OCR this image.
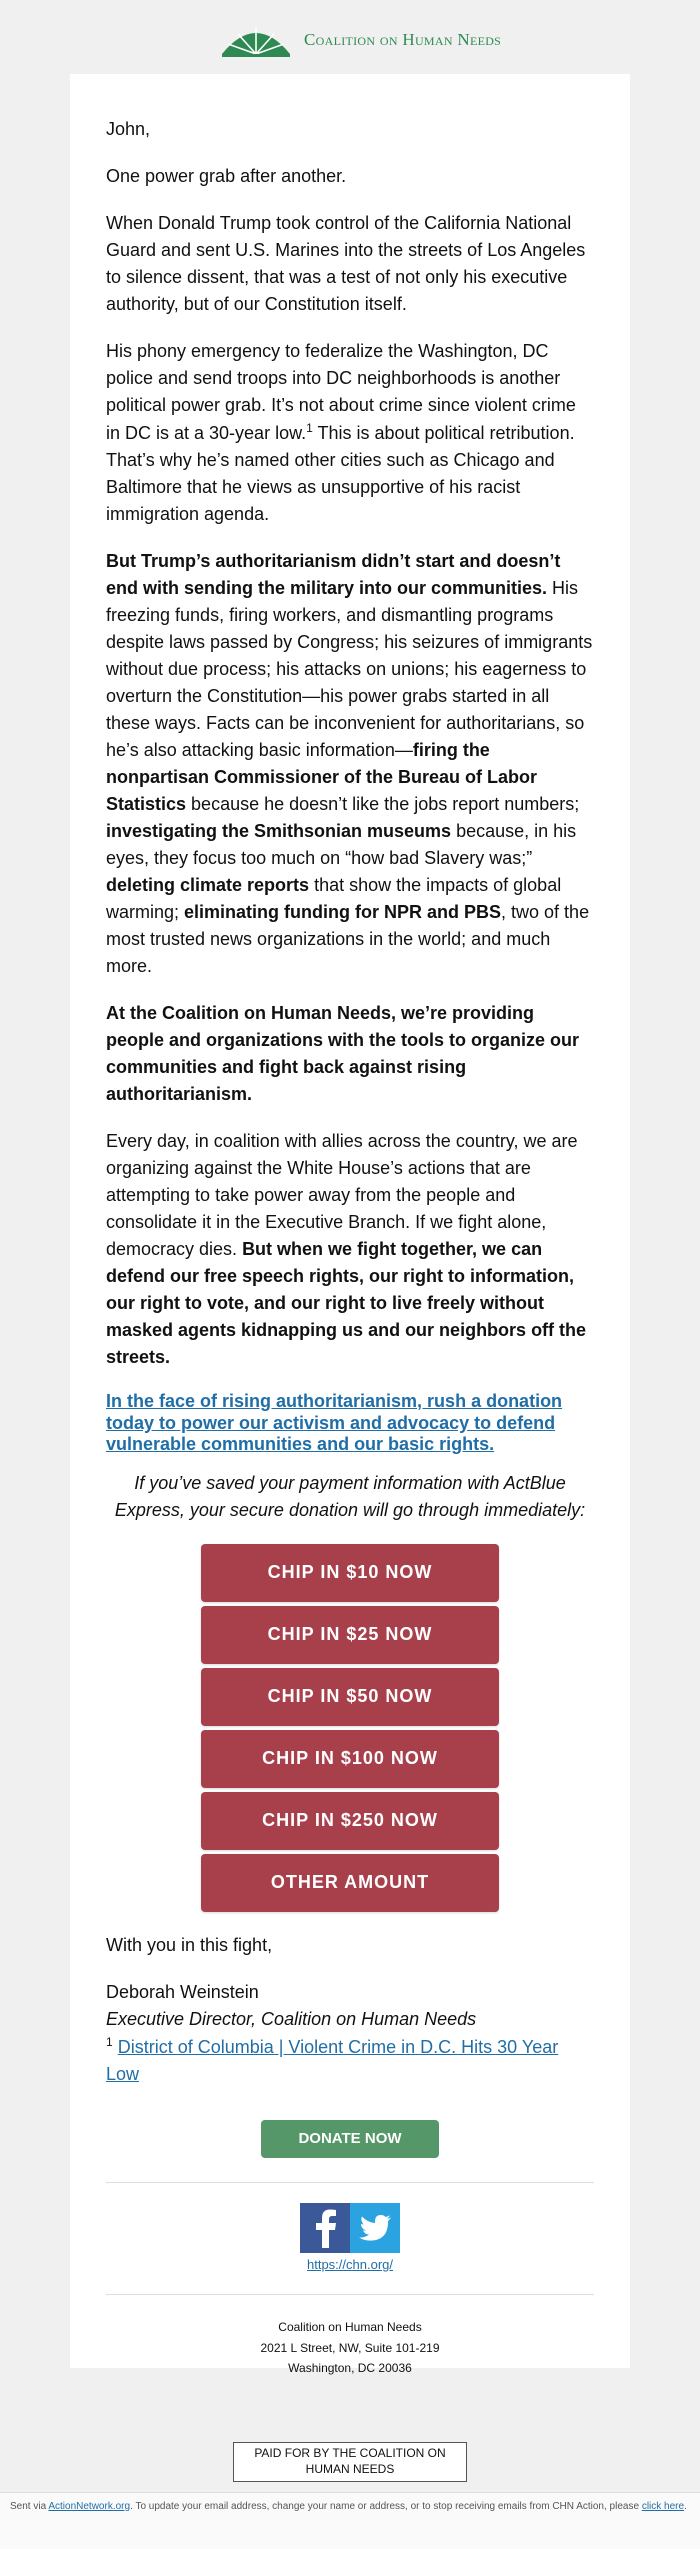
Coalition on Human Needs

John,

One power grab after another.

When Donald Trump took control of the California National Guard and sent U.S. Marines into the streets of Los Angeles to silence dissent, that was a test of not only his executive authority, but of our Constitution itself.

His phony emergency to federalize the Washington, DC police and send troops into DC neighborhoods is another political power grab. It’s not about crime since violent crime in DC is at a 30-year low.$^1$ This is about political retribution. That’s why he’s named other cities such as Chicago and Baltimore that he views as unsupportive of his racist immigration agenda.

But Trump’s authoritarianism didn’t start and doesn’t end with sending the military into our communities. His freezing funds, firing workers, and dismantling programs despite laws passed by Congress; his seizures of immigrants without due process; his attacks on unions; his eagerness to overturn the Constitution—his power grabs started in all these ways. Facts can be inconvenient for authoritarians, so he’s also attacking basic information—firing the nonpartisan Commissioner of the Bureau of Labor Statistics because he doesn’t like the jobs report numbers; investigating the Smithsonian museums because, in his eyes, they focus too much on “how bad Slavery was;” deleting climate reports that show the impacts of global warming; eliminating funding for NPR and PBS, two of the most trusted news organizations in the world; and much more.

At the Coalition on Human Needs, we’re providing people and organizations with the tools to organize our communities and fight back against rising authoritarianism.

Every day, in coalition with allies across the country, we are organizing against the White House’s actions that are attempting to take power away from the people and consolidate it in the Executive Branch. If we fight alone, democracy dies. But when we fight together, we can defend our free speech rights, our right to information, our right to vote, and our right to live freely without masked agents kidnapping us and our neighbors off the streets.

In the face of rising authoritarianism, rush a donation today to power our activism and advocacy to defend vulnerable communities and our basic rights.

If you’ve saved your payment information with ActBlue Express, your secure donation will go through immediately:

CHIP IN $10 NOW
CHIP IN $25 NOW
CHIP IN $50 NOW
CHIP IN $100 NOW
CHIP IN $250 NOW
OTHER AMOUNT

With you in this fight,

Deborah Weinstein

Executive Director, Coalition on Human Needs

$^1$ District of Columbia | Violent Crime in D.C. Hits 30 Year Low

DONATE NOW
https://chn.org/
Coalition on Human Needs
2021 L Street, NW, Suite 101-219
Washington, DC 20036
PAID FOR BY THE COALITION ON HUMAN NEEDS
Sent via ActionNetwork.org. To update your email address, change your name or address, or to stop receiving emails from CHN Action, please click here.
